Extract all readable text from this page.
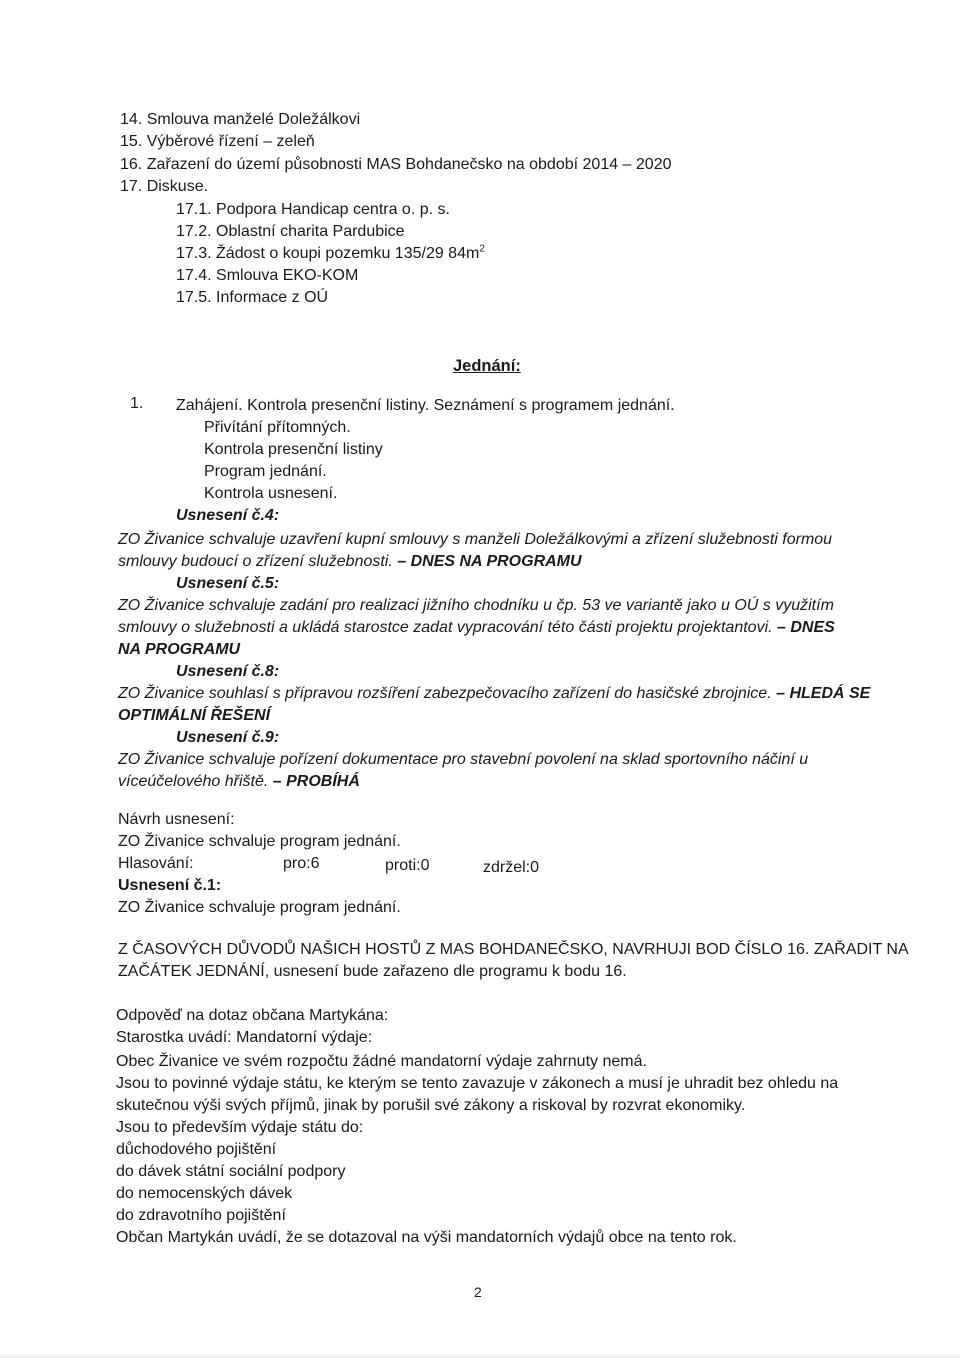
14. Smlouva manželé Doležálkovi
15. Výběrové řízení – zeleň
16. Zařazení do území působnosti MAS Bohdanečsko na období 2014 – 2020
17. Diskuse.
17.1. Podpora Handicap centra o. p. s.
17.2. Oblastní charita Pardubice
17.3. Žádost o koupi pozemku 135/29 $84m^2$
17.4. Smlouva EKO-KOM
17.5. Informace z OÚ
Jednání:
1. Zahájení. Kontrola presenční listiny. Seznámení s programem jednání.
Přivítání přítomných.
Kontrola presenční listiny
Program jednání.
Kontrola usnesení.
Usnesení č.4:
ZO Živanice schvaluje uzavření kupní smlouvy s manželi Doležálkovými a zřízení služebnosti formou
smlouvy budoucí o zřízení služebnosti. – DNES NA PROGRAMU
Usnesení č.5:
ZO Živanice schvaluje zadání pro realizaci jižního chodníku u čp. 53 ve variantě jako u OÚ s využitím
smlouvy o služebnosti a ukládá starostce zadat vypracování této části projektu projektantovi. – DNES
NA PROGRAMU
Usnesení č.8:
ZO Živanice souhlasí s přípravou rozšíření zabezpečovacího zařízení do hasičské zbrojnice. – HLEDÁ SE
OPTIMÁLNÍ ŘEŠENÍ
Usnesení č.9:
ZO Živanice schvaluje pořízení dokumentace pro stavební povolení na sklad sportovního náčiní u
víceúčelového hřiště. – PROBÍHÁ
Návrh usnesení:
ZO Živanice schvaluje program jednání.
Hlasování:	pro:6	proti:0	zdržel:0
Usnesení č.1:
ZO Živanice schvaluje program jednání.
Z ČASOVÝCH DŮVODŮ NAŠICH HOSTŮ Z MAS BOHDANEČSKO, NAVRHUJI BOD ČÍSLO 16. ZAŘADIT NA
ZAČÁTEK JEDNÁNÍ, usnesení bude zařazeno dle programu k bodu 16.
Odpověď na dotaz občana Martykána:
Starostka uvádí: Mandatorní výdaje:
Obec Živanice ve svém rozpočtu žádné mandatorní výdaje zahrnuty nemá.
Jsou to povinné výdaje státu, ke kterým se tento zavazuje v zákonech a musí je uhradit bez ohledu na
skutečnou výši svých příjmů, jinak by porušil své zákony a riskoval by rozvrat ekonomiky.
Jsou to především výdaje státu do:
důchodového pojištění
do dávek státní sociální podpory
do nemocenských dávek
do zdravotního pojištění
Občan Martykán uvádí, že se dotazoval na výši mandatorních výdajů obce na tento rok.
2
